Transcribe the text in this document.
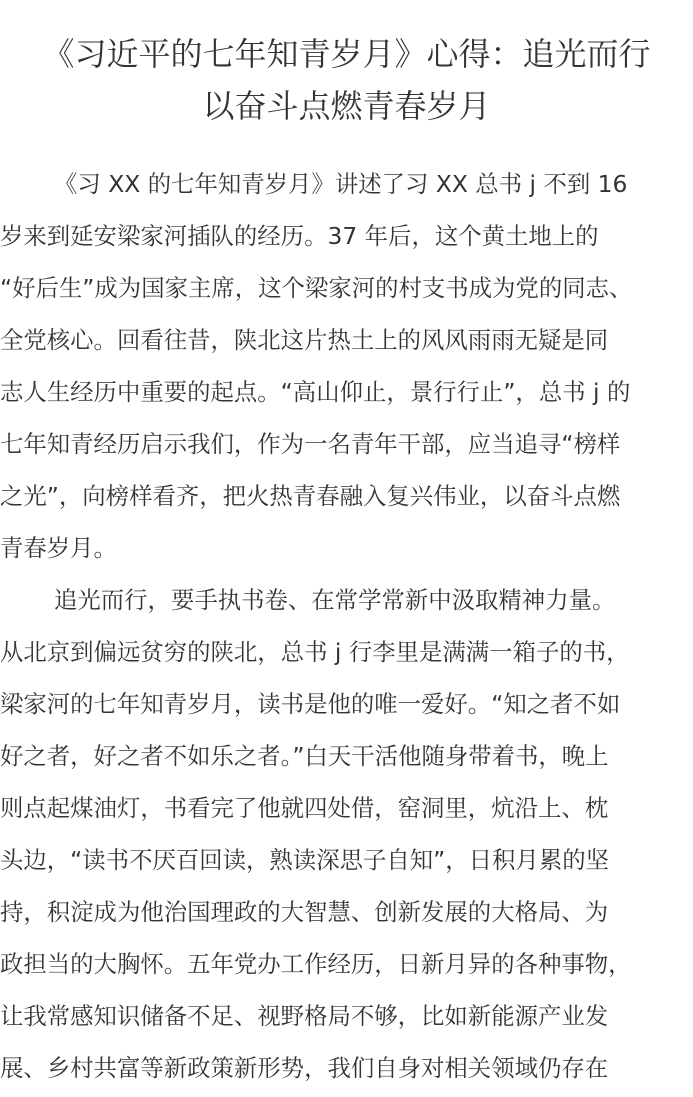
《习近平的七年知青岁月》心得：追光而行
以奋斗点燃青春岁月
《习 XX 的七年知青岁月》讲述了习 XX 总书 j 不到 16
岁来到延安梁家河插队的经历。37 年后，这个黄土地上的
“好后生”成为国家主席，这个梁家河的村支书成为党的同志、
全党核心。回看往昔，陕北这片热土上的风风雨雨无疑是同
志人生经历中重要的起点。“高山仰止，景行行止”，总书 j 的
七年知青经历启示我们，作为一名青年干部，应当追寻“榜样
之光”，向榜样看齐，把火热青春融入复兴伟业，以奋斗点燃
青春岁月。
追光而行，要手执书卷、在常学常新中汲取精神力量。
从北京到偏远贫穷的陕北，总书 j 行李里是满满一箱子的书，
梁家河的七年知青岁月，读书是他的唯一爱好。“知之者不如
好之者，好之者不如乐之者。”白天干活他随身带着书，晚上
则点起煤油灯，书看完了他就四处借，窑洞里，炕沿上、枕
头边，“读书不厌百回读，熟读深思子自知”，日积月累的坚
持，积淀成为他治国理政的大智慧、创新发展的大格局、为
政担当的大胸怀。五年党办工作经历，日新月异的各种事物，
让我常感知识储备不足、视野格局不够，比如新能源产业发
展、乡村共富等新政策新形势，我们自身对相关领域仍存在
